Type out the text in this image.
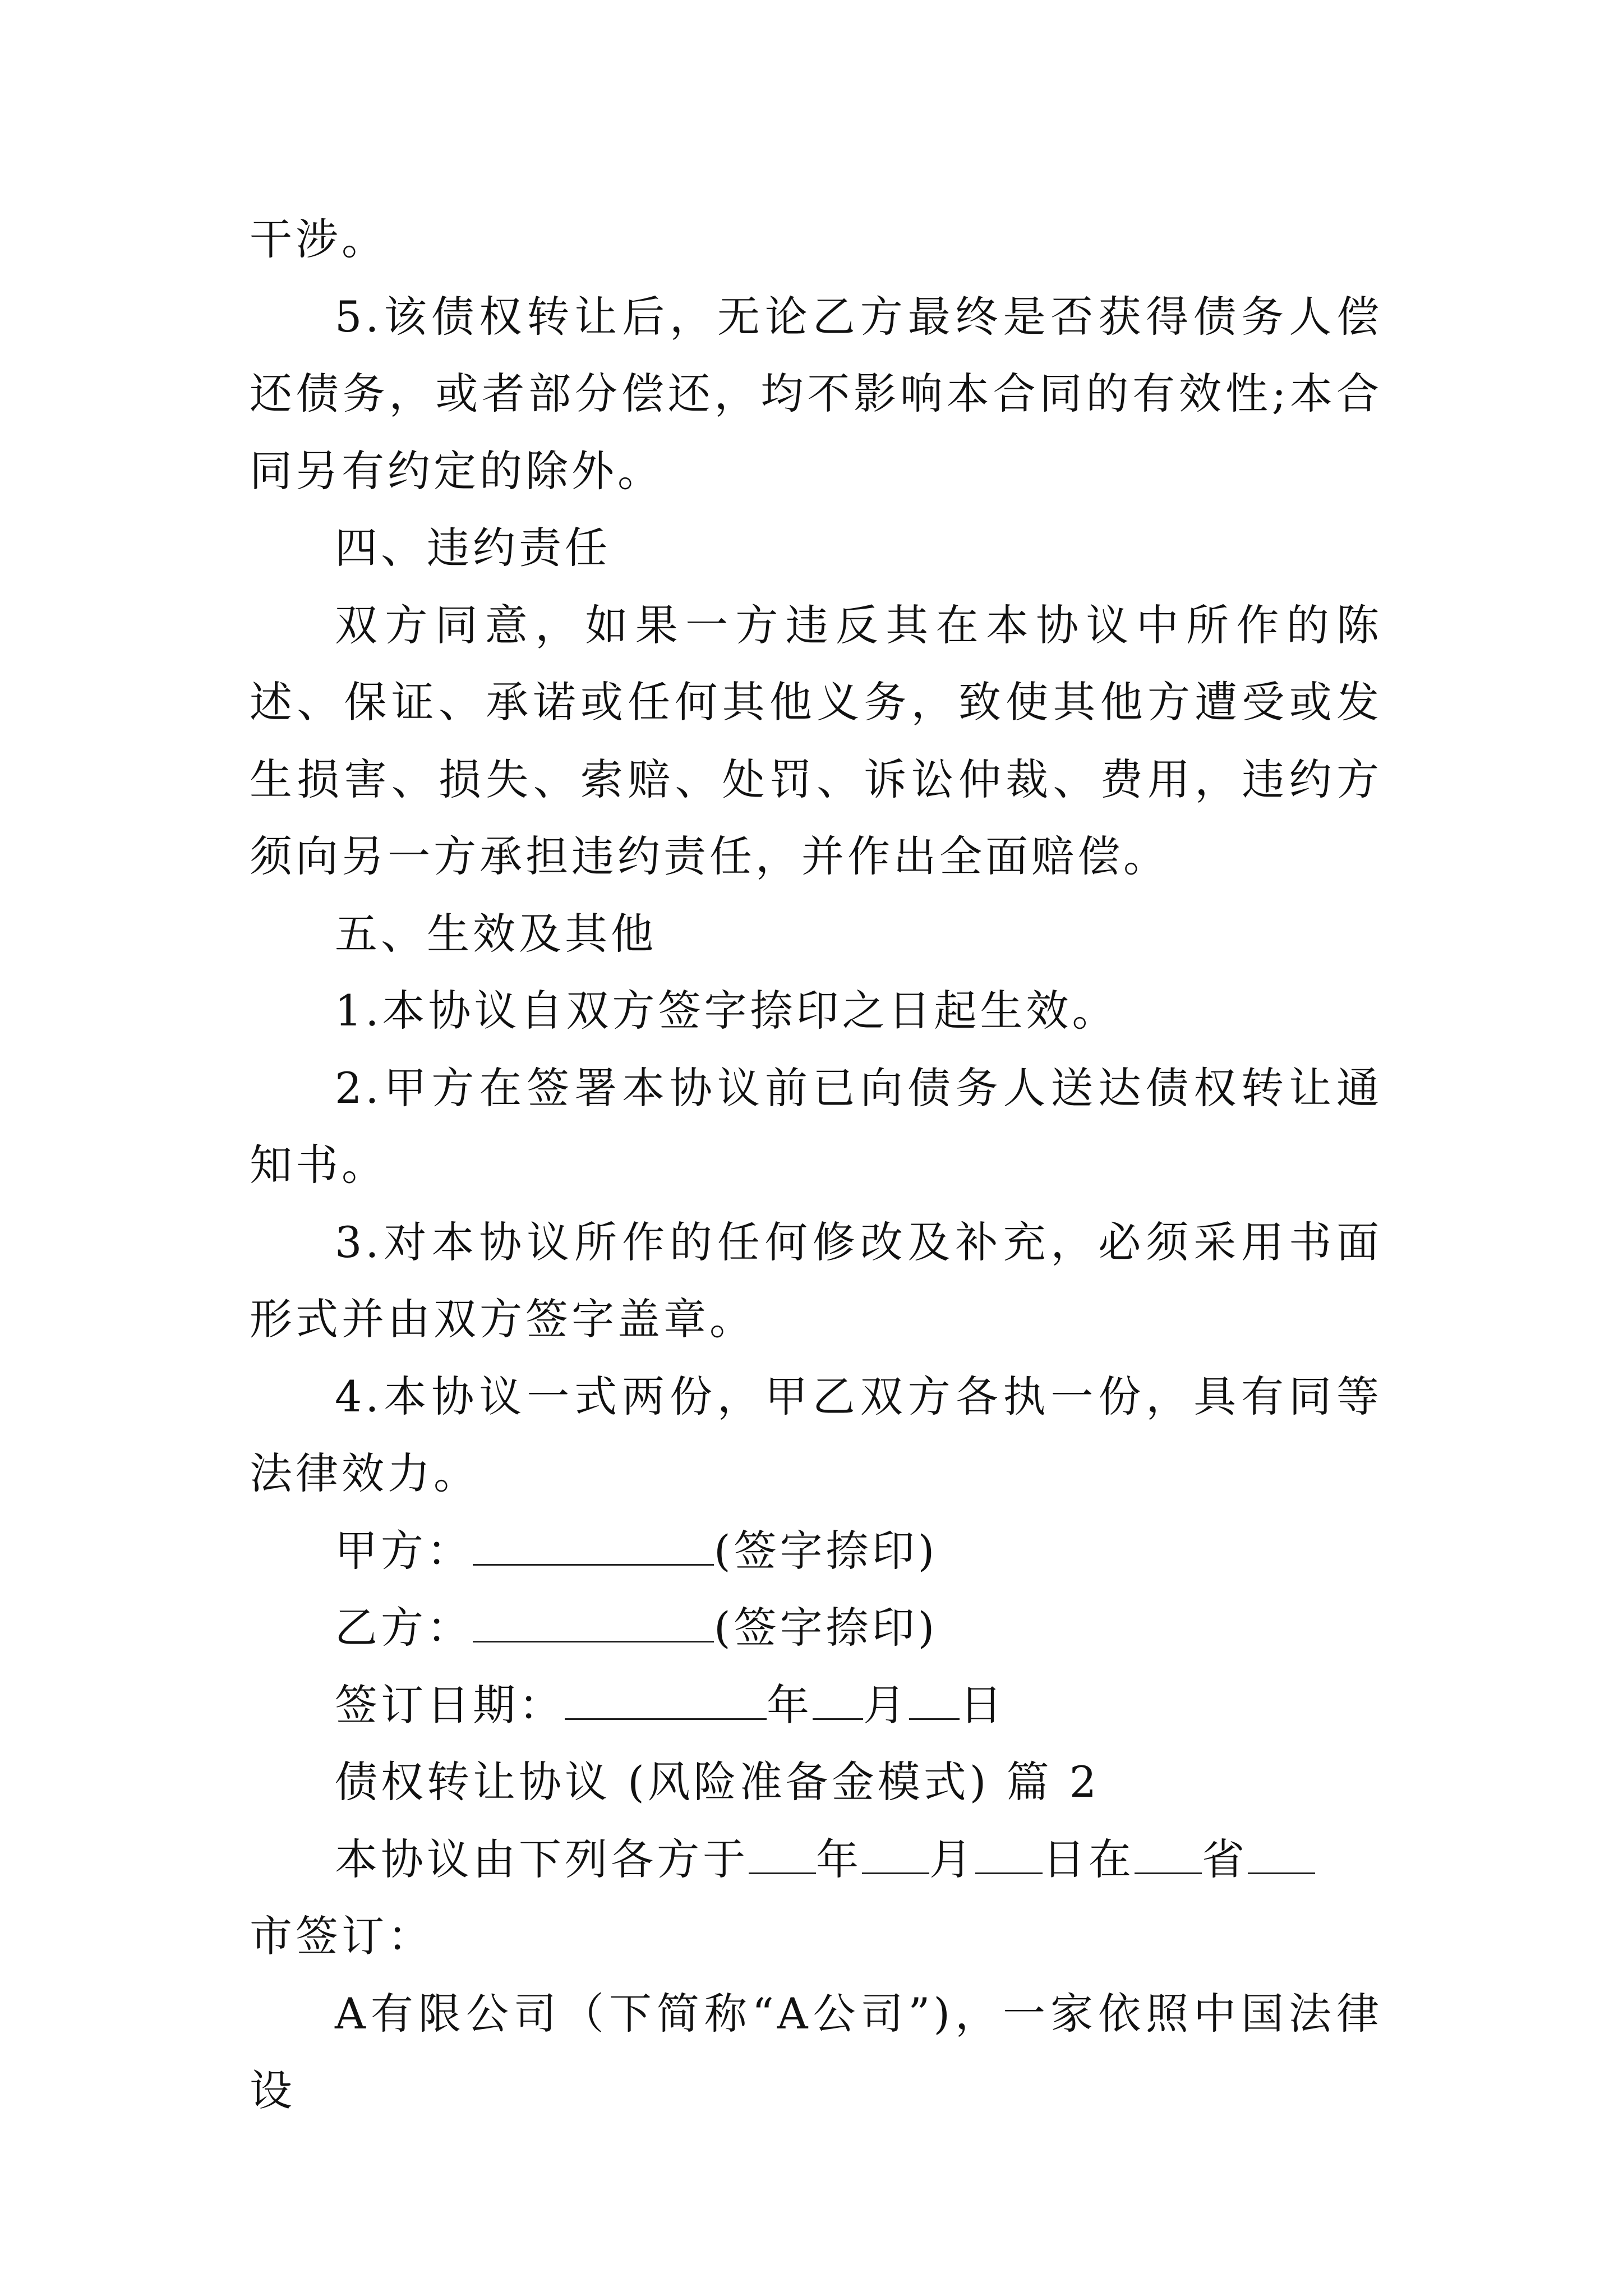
干涉。

5.该债权转让后，无论乙方最终是否获得债务人偿还债务，或者部分偿还，均不影响本合同的有效性;本合同另有约定的除外。

四、违约责任

双方同意，如果一方违反其在本协议中所作的陈述、保证、承诺或任何其他义务，致使其他方遭受或发生损害、损失、索赔、处罚、诉讼仲裁、费用，违约方须向另一方承担违约责任，并作出全面赔偿。

五、生效及其他

1.本协议自双方签字捺印之日起生效。

2.甲方在签署本协议前已向债务人送达债权转让通知书。

3.对本协议所作的任何修改及补充，必须采用书面形式并由双方签字盖章。

4.本协议一式两份，甲乙双方各执一份，具有同等法律效力。

甲方：	(签字捺印)

乙方：	(签字捺印)

签订日期：	年 月 日

债权转让协议 (风险准备金模式) 篇 2

本协议由下列各方于 年 月 日在 省

市签订：

A有限公司（下简称“A公司”)，一家依照中国法律设
